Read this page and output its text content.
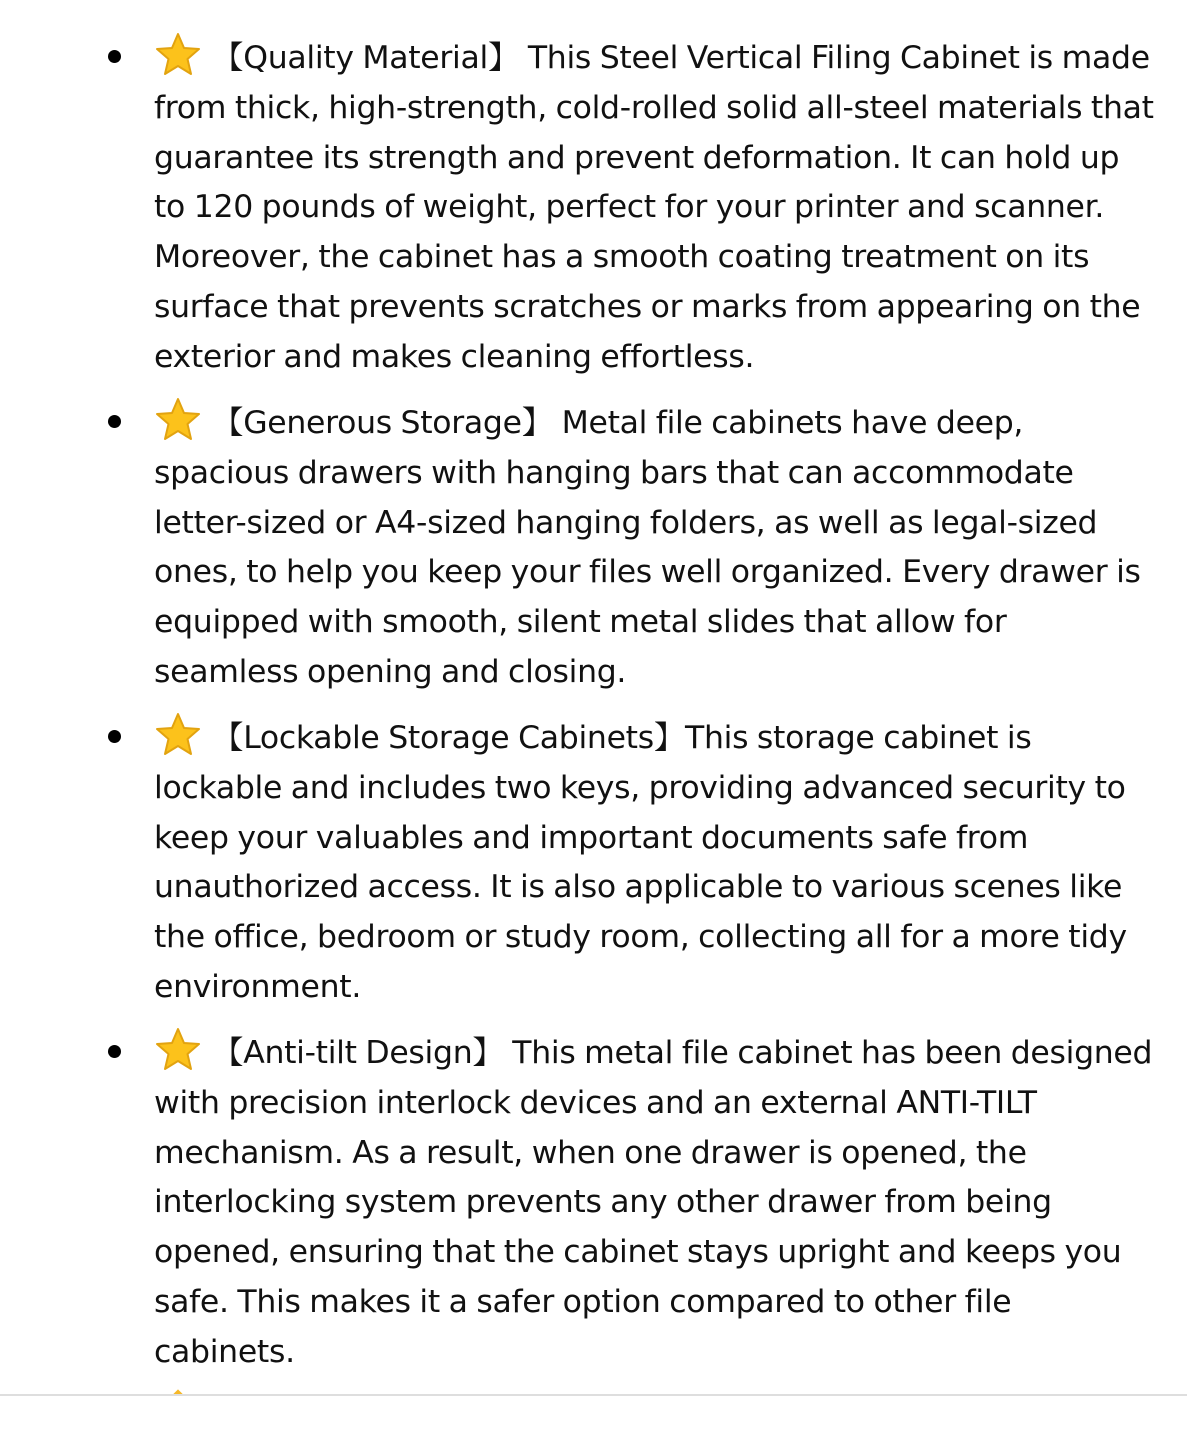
【Quality Material】 This Steel Vertical Filing Cabinet is made from thick, high-strength, cold-rolled solid all-steel materials that guarantee its strength and prevent deformation. It can hold up to 120 pounds of weight, perfect for your printer and scanner. Moreover, the cabinet has a smooth coating treatment on its surface that prevents scratches or marks from appearing on the exterior and makes cleaning effortless.
【Generous Storage】 Metal file cabinets have deep, spacious drawers with hanging bars that can accommodate letter-sized or A4-sized hanging folders, as well as legal-sized ones, to help you keep your files well organized. Every drawer is equipped with smooth, silent metal slides that allow for seamless opening and closing.
【Lockable Storage Cabinets】This storage cabinet is lockable and includes two keys, providing advanced security to keep your valuables and important documents safe from unauthorized access. It is also applicable to various scenes like the office, bedroom or study room, collecting all for a more tidy environment.
【Anti-tilt Design】 This metal file cabinet has been designed with precision interlock devices and an external ANTI-TILT mechanism. As a result, when one drawer is opened, the interlocking system prevents any other drawer from being opened, ensuring that the cabinet stays upright and keeps you safe. This makes it a safer option compared to other file cabinets.
